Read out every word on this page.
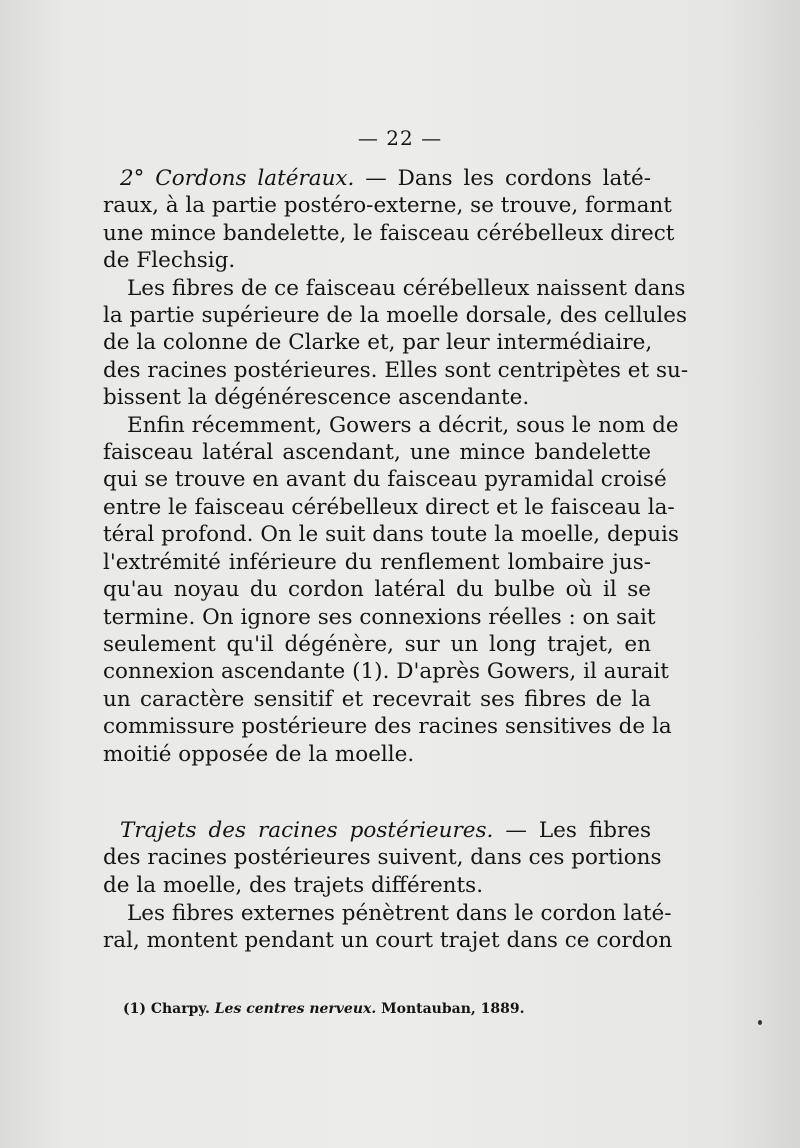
— 22 —
2° Cordons latéraux. — Dans les cordons laté-
raux, à la partie postéro-externe, se trouve, formant
une mince bandelette, le faisceau cérébelleux direct
de Flechsig.
Les fibres de ce faisceau cérébelleux naissent dans
la partie supérieure de la moelle dorsale, des cellules
de la colonne de Clarke et, par leur intermédiaire,
des racines postérieures. Elles sont centripètes et su-
bissent la dégénérescence ascendante.
Enfin récemment, Gowers a décrit, sous le nom de
faisceau latéral ascendant, une mince bandelette
qui se trouve en avant du faisceau pyramidal croisé
entre le faisceau cérébelleux direct et le faisceau la-
téral profond. On le suit dans toute la moelle, depuis
l'extrémité inférieure du renflement lombaire jus-
qu'au noyau du cordon latéral du bulbe où il se
termine. On ignore ses connexions réelles : on sait
seulement qu'il dégénère, sur un long trajet, en
connexion ascendante (1). D'après Gowers, il aurait
un caractère sensitif et recevrait ses fibres de la
commissure postérieure des racines sensitives de la
moitié opposée de la moelle.
Trajets des racines postérieures. — Les fibres
des racines postérieures suivent, dans ces portions
de la moelle, des trajets différents.
Les fibres externes pénètrent dans le cordon laté-
ral, montent pendant un court trajet dans ce cordon
(1) Charpy. Les centres nerveux. Montauban, 1889.
